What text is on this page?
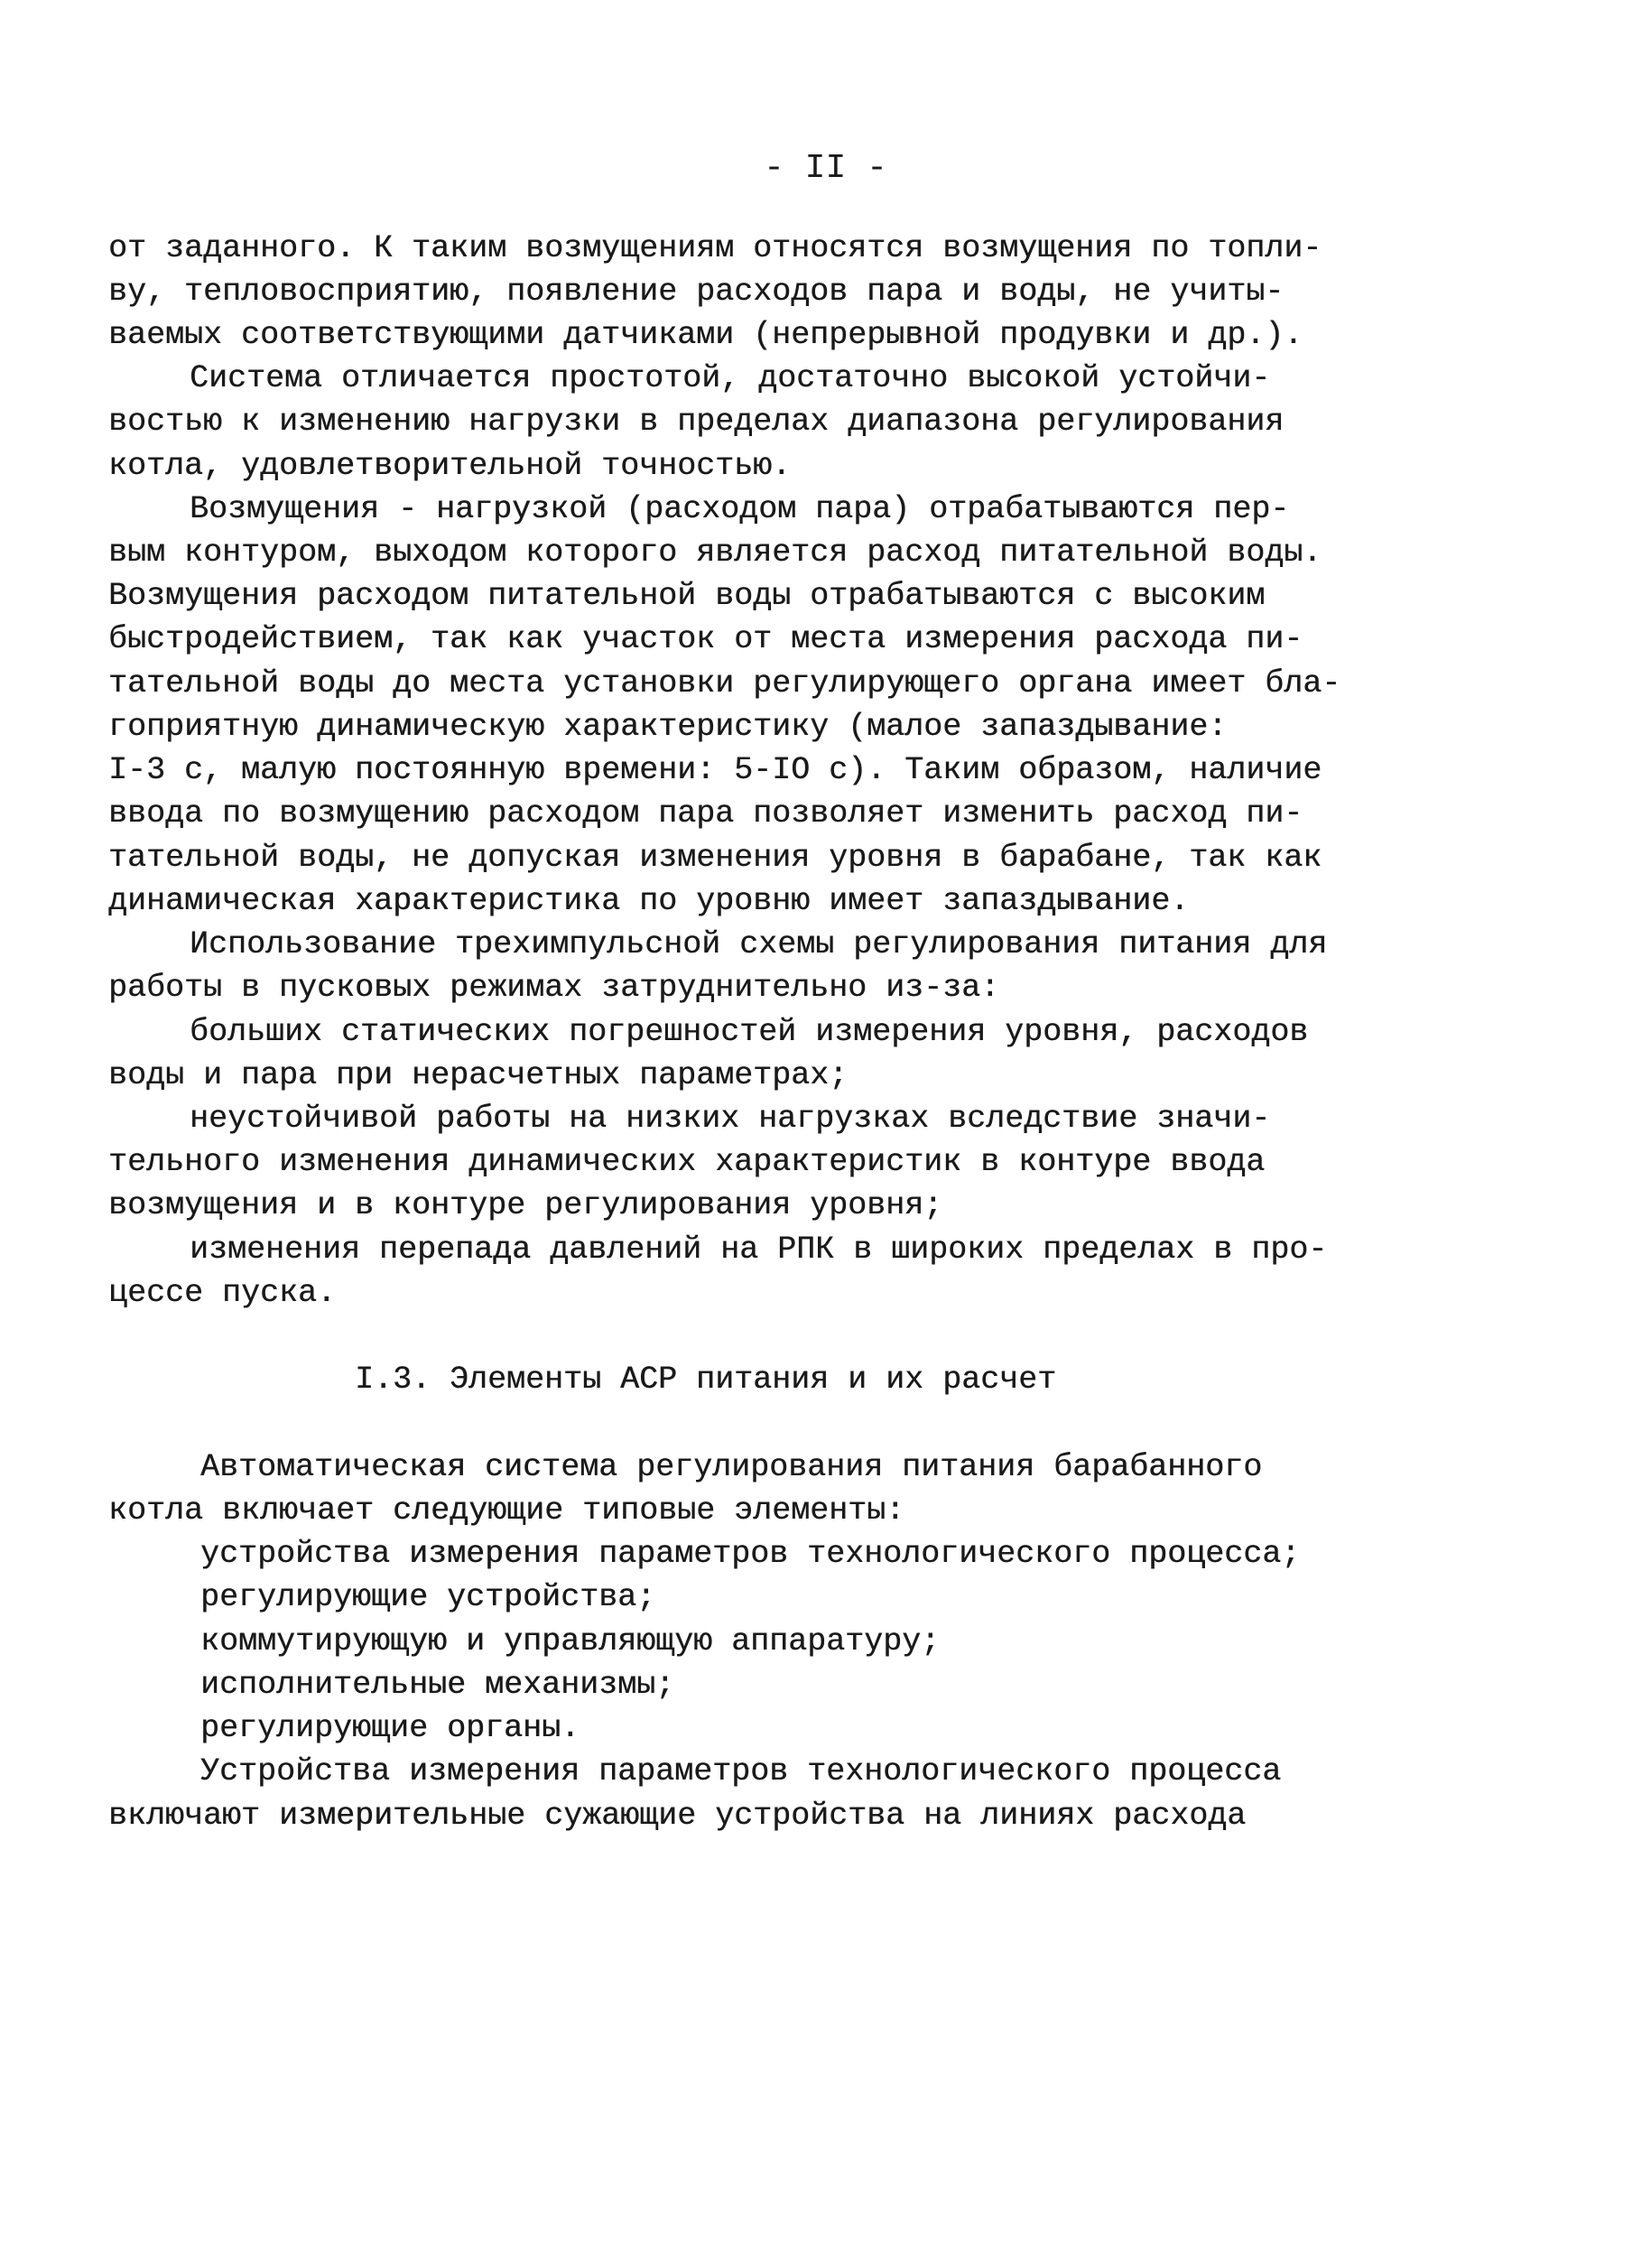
- II -
от заданного. К таким возмущениям относятся возмущения по топли-
ву, тепловосприятию, появление расходов пара и воды, не учиты-
ваемых соответствующими датчиками (непрерывной продувки и др.).
Система отличается простотой, достаточно высокой устойчи-
востью к изменению нагрузки в пределах диапазона регулирования
котла, удовлетворительной точностью.
Возмущения - нагрузкой (расходом пара) отрабатываются пер-
вым контуром, выходом которого является расход питательной воды.
Возмущения расходом питательной воды отрабатываются с высоким
быстродействием, так как участок от места измерения расхода пи-
тательной воды до места установки регулирующего органа имеет бла-
гоприятную динамическую характеристику (малое запаздывание:
I-3 с, малую постоянную времени: 5-IO с). Таким образом, наличие
ввода по возмущению расходом пара позволяет изменить расход пи-
тательной воды, не допуская изменения уровня в барабане, так как
динамическая характеристика по уровню имеет запаздывание.
Использование трехимпульсной схемы регулирования питания для
работы в пусковых режимах затруднительно из-за:
больших статических погрешностей измерения уровня, расходов
воды и пара при нерасчетных параметрах;
неустойчивой работы на низких нагрузках вследствие значи-
тельного изменения динамических характеристик в контуре ввода
возмущения и в контуре регулирования уровня;
изменения перепада давлений на РПК в широких пределах в про-
цессе пуска.
I.3. Элементы АСР питания и их расчет
Автоматическая система регулирования питания барабанного
котла включает следующие типовые элементы:
устройства измерения параметров технологического процесса;
регулирующие устройства;
коммутирующую и управляющую аппаратуру;
исполнительные механизмы;
регулирующие органы.
Устройства измерения параметров технологического процесса
включают измерительные сужающие устройства на линиях расхода
